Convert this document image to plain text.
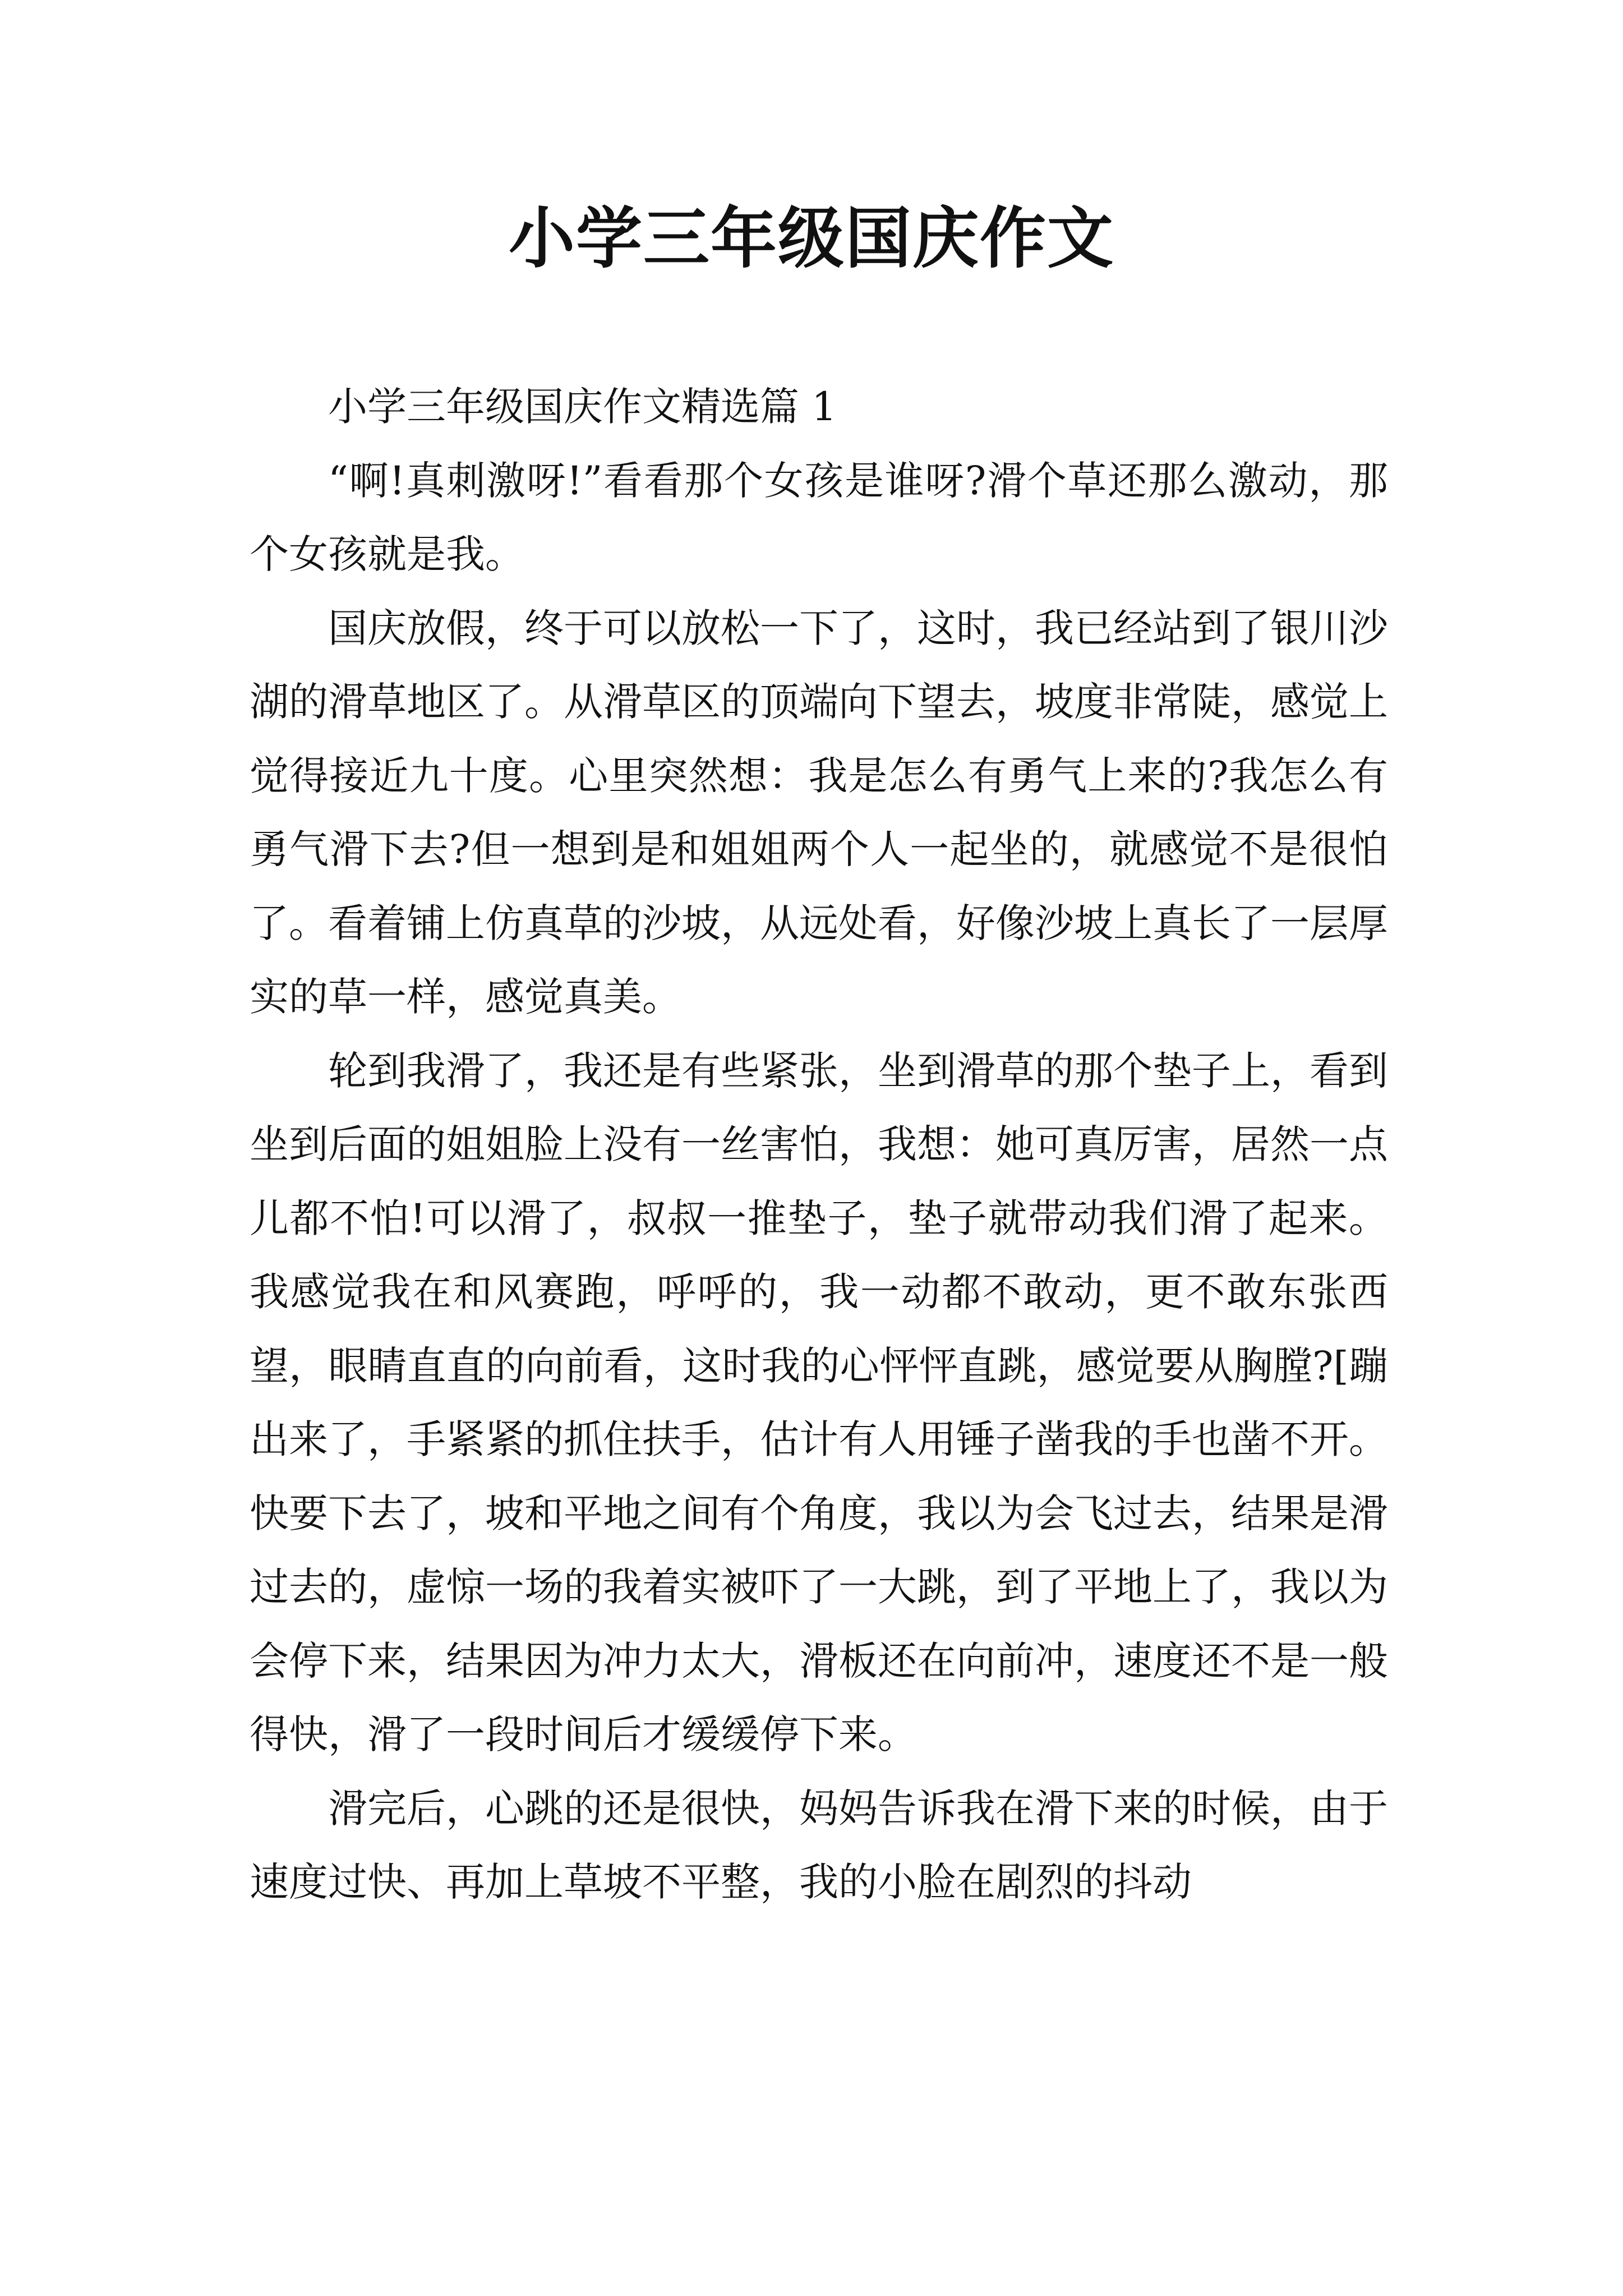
小学三年级国庆作文

小学三年级国庆作文精选篇 1

“啊!真刺激呀!”看看那个女孩是谁呀?滑个草还那么激动，那个女孩就是我。

国庆放假，终于可以放松一下了，这时，我已经站到了银川沙湖的滑草地区了。从滑草区的顶端向下望去，坡度非常陡，感觉上觉得接近九十度。心里突然想：我是怎么有勇气上来的?我怎么有勇气滑下去?但一想到是和姐姐两个人一起坐的，就感觉不是很怕了。看着铺上仿真草的沙坡，从远处看，好像沙坡上真长了一层厚实的草一样，感觉真美。

轮到我滑了，我还是有些紧张，坐到滑草的那个垫子上，看到坐到后面的姐姐脸上没有一丝害怕，我想：她可真厉害，居然一点儿都不怕!可以滑了，叔叔一推垫子，垫子就带动我们滑了起来。我感觉我在和风赛跑，呼呼的，我一动都不敢动，更不敢东张西望，眼睛直直的向前看，这时我的心怦怦直跳，感觉要从胸膛?[蹦出来了，手紧紧的抓住扶手，估计有人用锤子凿我的手也凿不开。快要下去了，坡和平地之间有个角度，我以为会飞过去，结果是滑过去的，虚惊一场的我着实被吓了一大跳，到了平地上了，我以为会停下来，结果因为冲力太大，滑板还在向前冲，速度还不是一般得快，滑了一段时间后才缓缓停下来。

滑完后，心跳的还是很快，妈妈告诉我在滑下来的时候，由于速度过快、再加上草坡不平整，我的小脸在剧烈的抖动
